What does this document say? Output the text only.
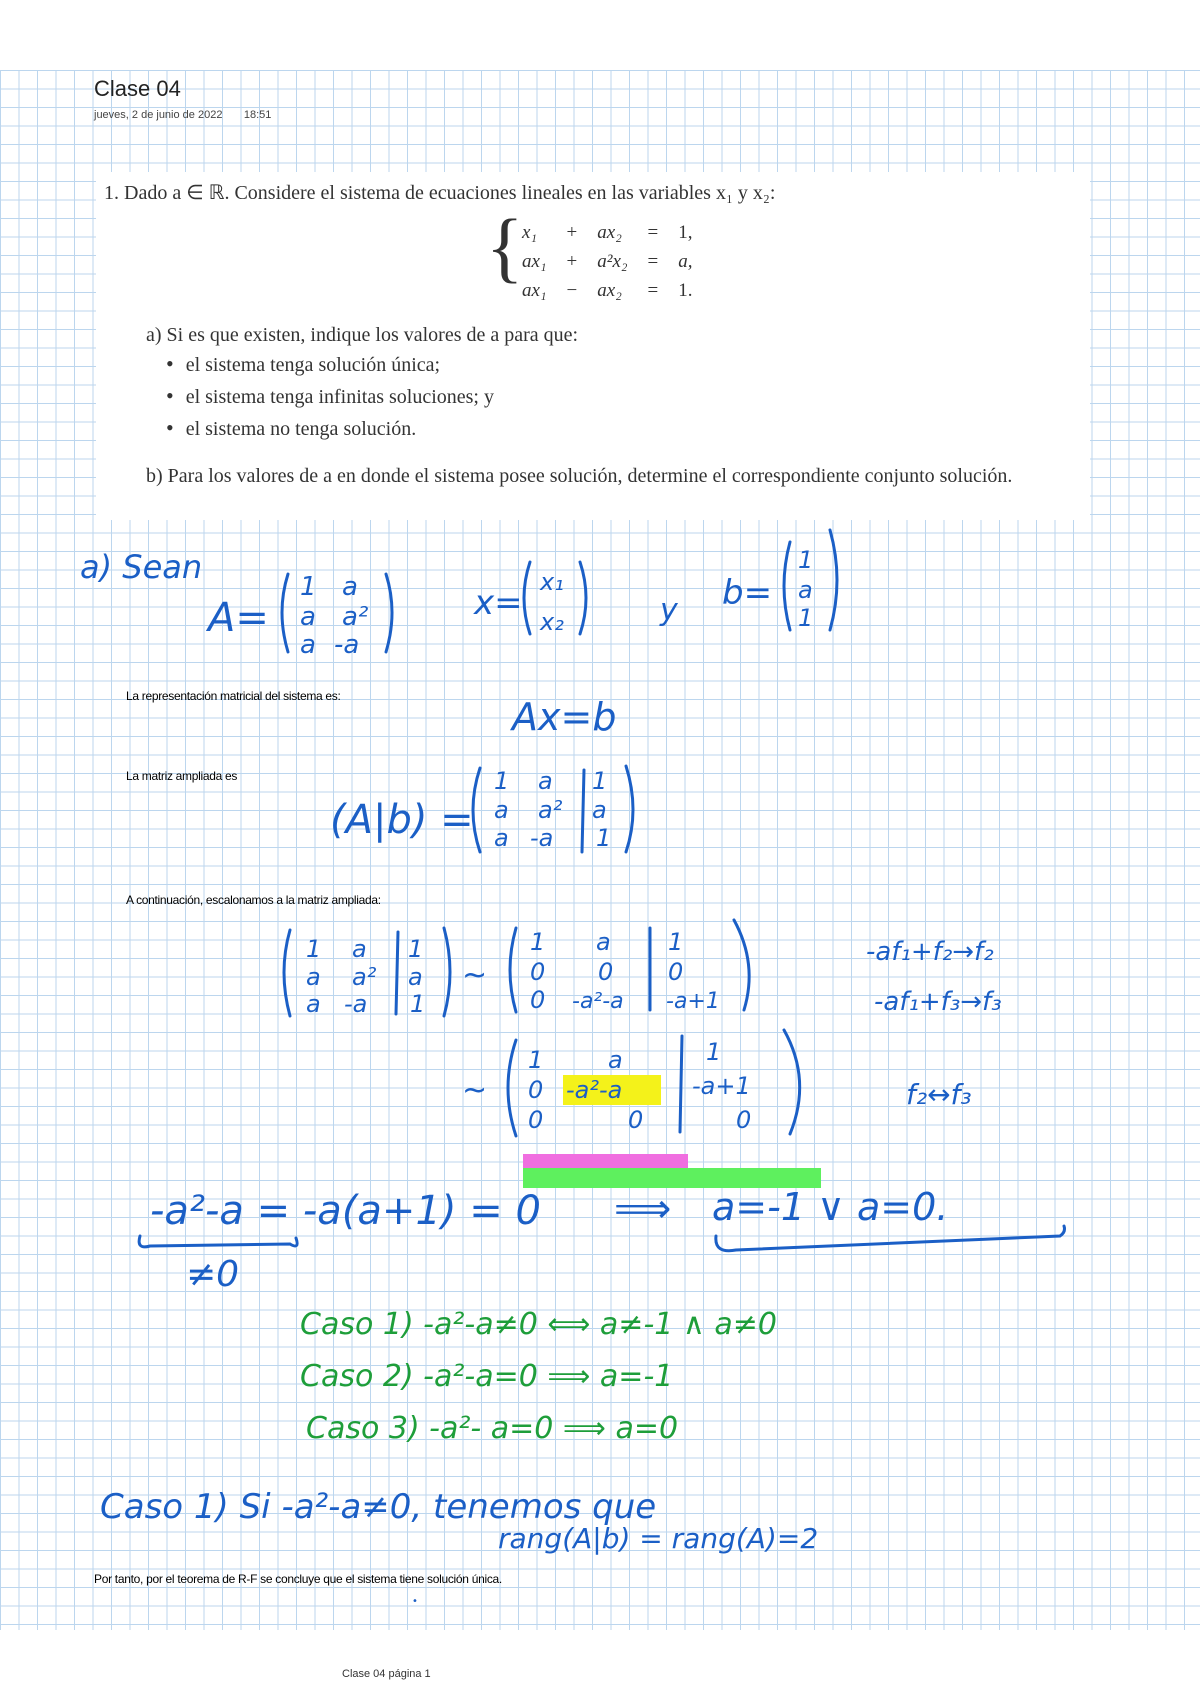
Clase 04
jueves, 2 de junio de 2022 18:51
1. Dado a ∈ ℝ. Considere el sistema de ecuaciones lineales en las variables x₁ y x₂:
{
x₁	+	ax₂	=	1,
ax₁	+	a²x₂	=	a,
ax₁	−	ax₂	=	1.
a) Si es que existen, indique los valores de a para que:
• el sistema tenga solución única;
• el sistema tenga infinitas soluciones; y
• el sistema no tenga solución.
b) Para los valores de a en donde el sistema posee solución, determine el correspondiente conjunto solución.
La representación matricial del sistema es:
La matriz ampliada es
A continuación, escalonamos a la matriz ampliada:
Por tanto, por el teorema de R-F se concluye que el sistema tiene solución única.
a) Sean
A=
1 a
a a²
a -a
x=
x₁
x₂	y b=
1
a
1
Ax=b
(A|b) =
1 a 1
a a² a
a -a 1
1 a 1
a a² a
a -a 1
~
1 a 1
0 0 0
0 -a²-a -a+1
-af₁+f₂→f₂
-af₁+f₃→f₃
~
1	a	1
0 -a²-a	-a+1
0	0	0
f₂↔f₃
-a²-a = -a(a+1) = 0 ⟹ a=-1 ∨ a=0.
≠0
Caso 1) Si -a²-a≠0, tenemos que
rang(A|b) = rang(A)=2
Caso 1) -a²-a≠0 ⟺ a≠-1 ∧ a≠0
Caso 2) -a²-a=0 ⟹ a=-1
Caso 3) -a²- a=0 ⟹ a=0
•
Clase 04 página 1
